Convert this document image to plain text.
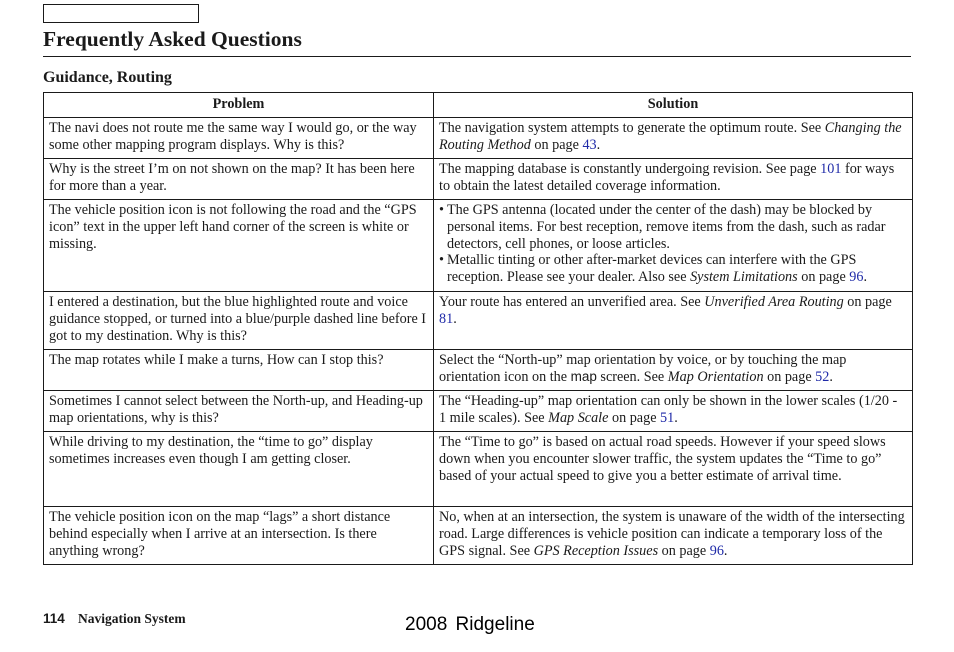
Frequently Asked Questions
Guidance, Routing
Problem	Solution
The navi does not route me the same way I would go, or the way some other mapping program displays. Why is this?	The navigation system attempts to generate the optimum route. See Changing the Routing Method on page 43.
Why is the street I’m on not shown on the map? It has been here for more than a year.	The mapping database is constantly undergoing revision. See page 101 for ways to obtain the latest detailed coverage information.
The vehicle position icon is not following the road and the “GPS icon” text in the upper left hand corner of the screen is white or missing.	• The GPS antenna (located under the center of the dash) may be blocked by personal items. For best reception, remove items from the dash, such as radar detectors, cell phones, or loose articles.
• Metallic tinting or other after-market devices can interfere with the GPS reception. Please see your dealer. Also see System Limitations on page 96.

I entered a destination, but the blue highlighted route and voice guidance stopped, or turned into a blue/purple dashed line before I got to my destination. Why is this?	Your route has entered an unverified area. See Unverified Area Routing on page 81.
The map rotates while I make a turns, How can I stop this?	Select the “North-up” map orientation by voice, or by touching the map orientation icon on the map screen. See Map Orientation on page 52.
Sometimes I cannot select between the North-up, and Heading-up map orientations, why is this?	The “Heading-up” map orientation can only be shown in the lower scales (1/20 - 1 mile scales). See Map Scale on page 51.
While driving to my destination, the “time to go” display sometimes increases even though I am getting closer.	The “Time to go” is based on actual road speeds. However if your speed slows down when you encounter slower traffic, the system updates the “Time to go” based of your actual speed to give you a better estimate of arrival time.
The vehicle position icon on the map “lags” a short distance behind especially when I arrive at an intersection. Is there anything wrong?	No, when at an intersection, the system is unaware of the width of the intersecting road. Large differences is vehicle position can indicate a temporary loss of the GPS signal. See GPS Reception Issues on page 96.
114 Navigation System	2008 Ridgeline
